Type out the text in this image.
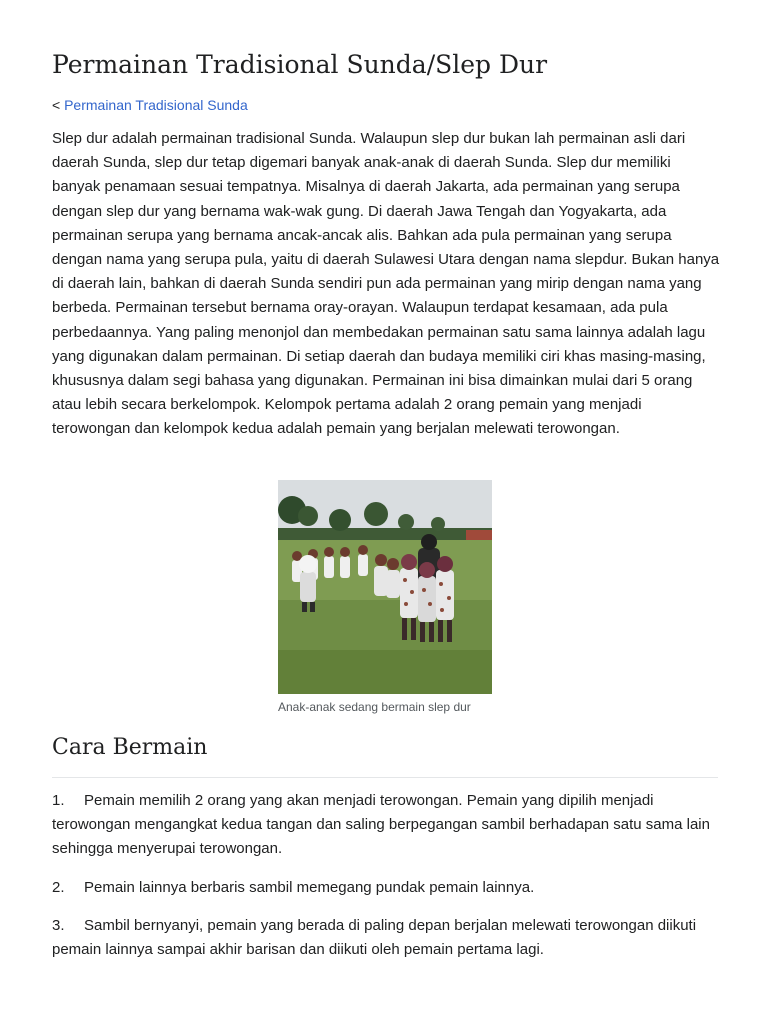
Permainan Tradisional Sunda/Slep Dur
< Permainan Tradisional Sunda

Slep dur adalah permainan tradisional Sunda. Walaupun slep dur bukan lah permainan asli dari daerah Sunda, slep dur tetap digemari banyak anak-anak di daerah Sunda. Slep dur memiliki banyak penamaan sesuai tempatnya. Misalnya di daerah Jakarta, ada permainan yang serupa dengan slep dur yang bernama wak-wak gung. Di daerah Jawa Tengah dan Yogyakarta, ada permainan serupa yang bernama ancak-ancak alis. Bahkan ada pula permainan yang serupa dengan nama yang serupa pula, yaitu di daerah Sulawesi Utara dengan nama slepdur. Bukan hanya di daerah lain, bahkan di daerah Sunda sendiri pun ada permainan yang mirip dengan nama yang berbeda. Permainan tersebut bernama oray-orayan. Walaupun terdapat kesamaan, ada pula perbedaannya. Yang paling menonjol dan membedakan permainan satu sama lainnya adalah lagu yang digunakan dalam permainan. Di setiap daerah dan budaya memiliki ciri khas masing-masing, khususnya dalam segi bahasa yang digunakan. Permainan ini bisa dimainkan mulai dari 5 orang atau lebih secara berkelompok. Kelompok pertama adalah 2 orang pemain yang menjadi terowongan dan kelompok kedua adalah pemain yang berjalan melewati terowongan.

Anak-anak sedang bermain slep dur
Cara Bermain
1. Pemain memilih 2 orang yang akan menjadi terowongan. Pemain yang dipilih menjadi terowongan mengangkat kedua tangan dan saling berpegangan sambil berhadapan satu sama lain sehingga menyerupai terowongan.
2. Pemain lainnya berbaris sambil memegang pundak pemain lainnya.
3. Sambil bernyanyi, pemain yang berada di paling depan berjalan melewati terowongan diikuti pemain lainnya sampai akhir barisan dan diikuti oleh pemain pertama lagi.
